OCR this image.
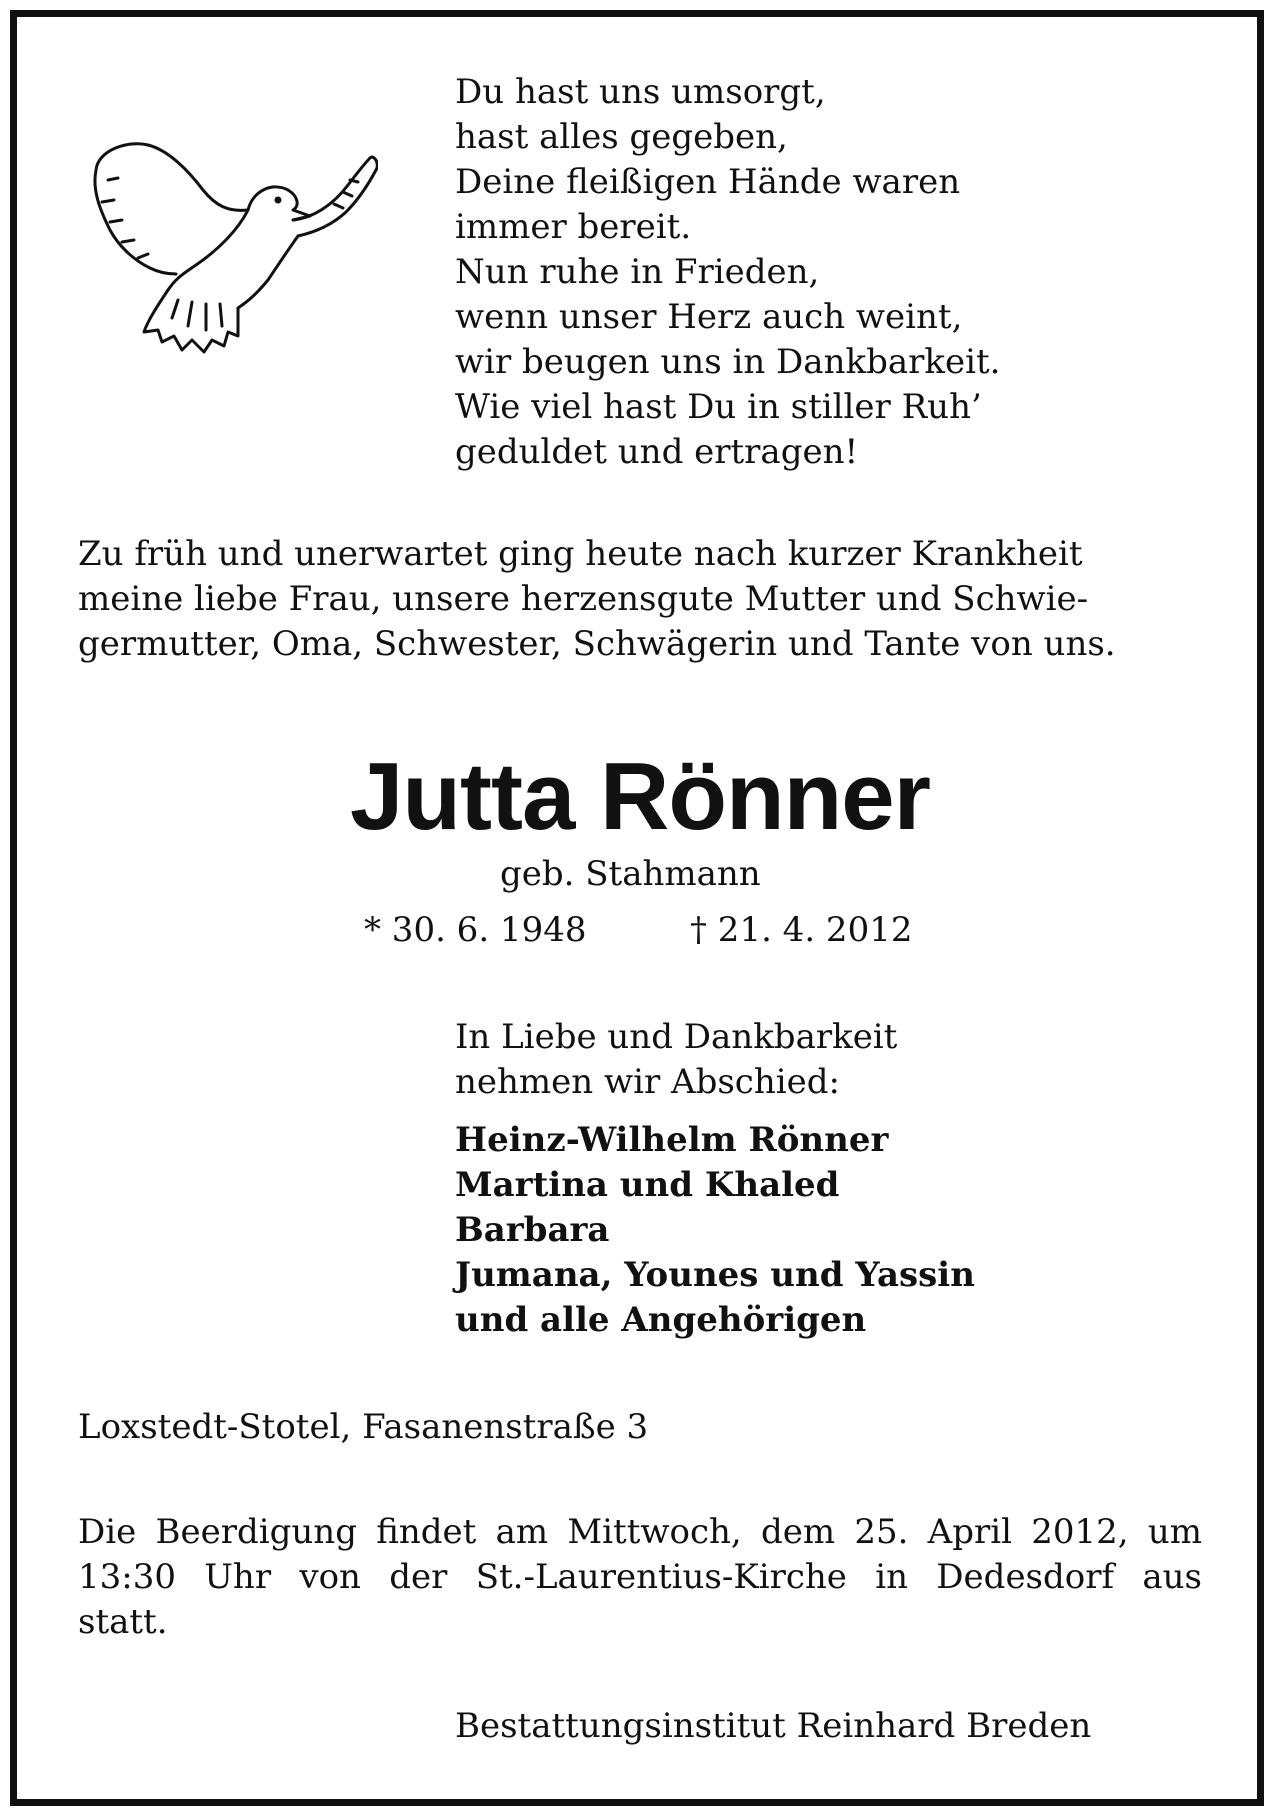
Du hast uns umsorgt,
hast alles gegeben,
Deine fleißigen Hände waren
immer bereit.
Nun ruhe in Frieden,
wenn unser Herz auch weint,
wir beugen uns in Dankbarkeit.
Wie viel hast Du in stiller Ruh’
geduldet und ertragen!
Zu früh und unerwartet ging heute nach kurzer Krankheit
meine liebe Frau, unsere herzensgute Mutter und Schwie-
germutter, Oma, Schwester, Schwägerin und Tante von uns.
Jutta Rönner
geb. Stahmann
* 30. 6. 1948	† 21. 4. 2012
In Liebe und Dankbarkeit
nehmen wir Abschied:
Heinz-Wilhelm Rönner
Martina und Khaled
Barbara
Jumana, Younes und Yassin
und alle Angehörigen
Loxstedt-Stotel, Fasanenstraße 3
Die Beerdigung findet am Mittwoch, dem 25. April 2012, um
13:30 Uhr von der St.-Laurentius-Kirche in Dedesdorf aus
statt.
Bestattungsinstitut Reinhard Breden
